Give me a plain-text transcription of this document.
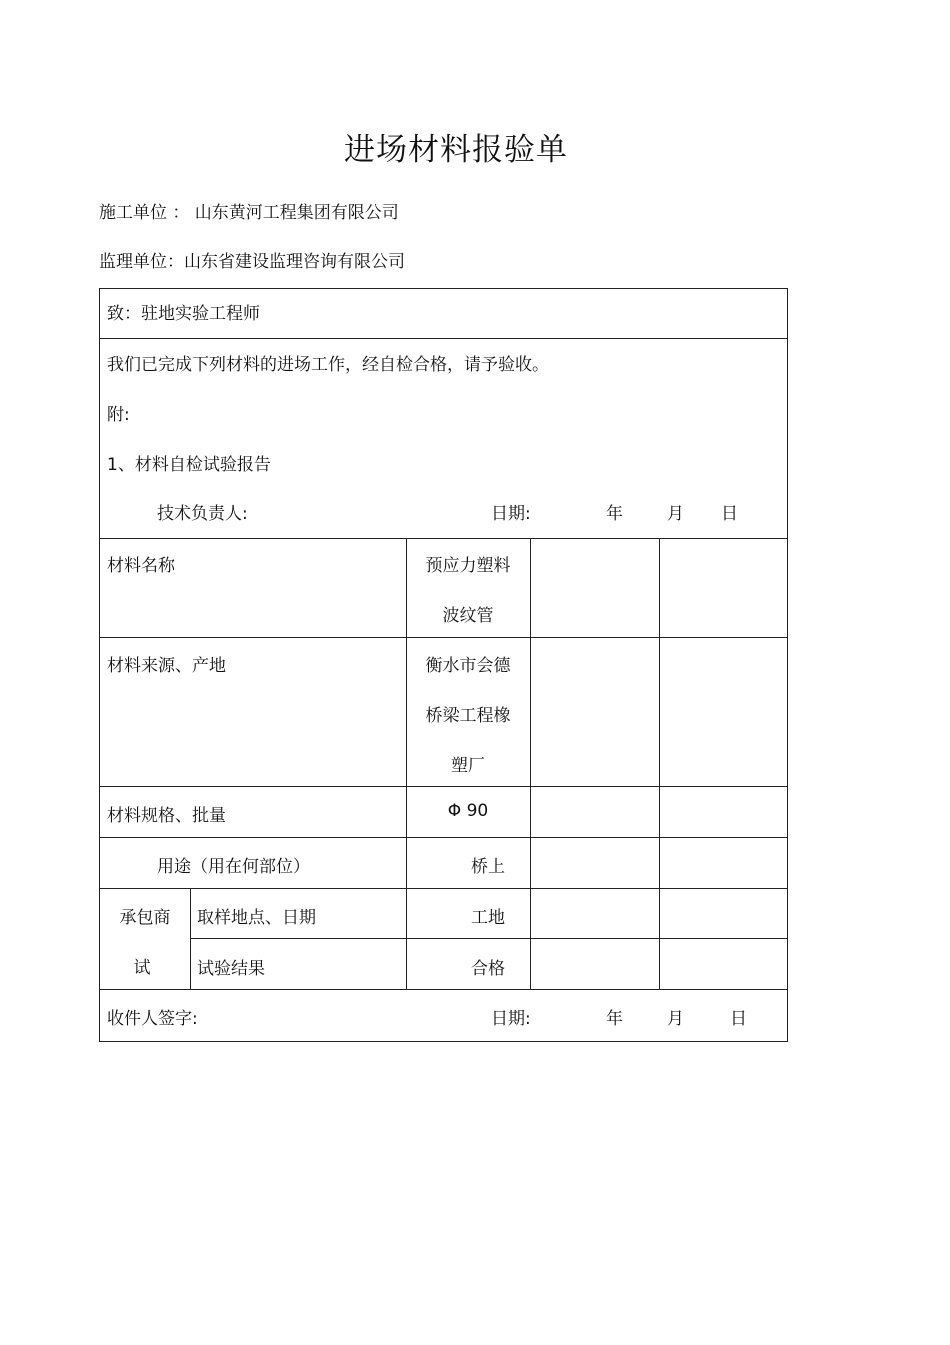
进场材料报验单
施工单位 ： 山东黄河工程集团有限公司
监理单位：山东省建设监理咨询有限公司
致：驻地实验工程师
我们已完成下列材料的进场工作，经自检合格，请予验收。
附:
1、材料自检试验报告
技术负责人:	日期:	年	月 日
材料名称	预应力塑料
波纹管
材料来源、产地	衡水市会德
桥梁工程橡
塑厂
材料规格、批量	Φ 90
用途（用在何部位）	桥上
承包商
试
取样地点、日期	工地
试验结果	合格
收件人签字:	日期:	年	月	日
